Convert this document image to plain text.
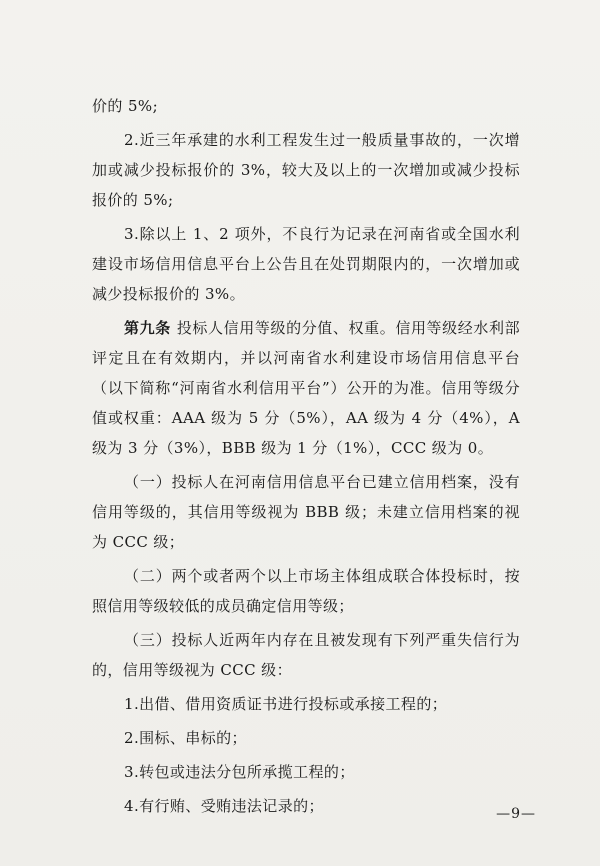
价的 5%;

2.近三年承建的水利工程发生过一般质量事故的，一次增加或减少投标报价的 3%，较大及以上的一次增加或减少投标报价的 5%;

3.除以上 1、2 项外，不良行为记录在河南省或全国水利建设市场信用信息平台上公告且在处罚期限内的，一次增加或减少投标报价的 3%。

第九条 投标人信用等级的分值、权重。信用等级经水利部评定且在有效期内，并以河南省水利建设市场信用信息平台（以下简称“河南省水利信用平台”）公开的为准。信用等级分值或权重：AAA 级为 5 分（5%），AA 级为 4 分（4%），A 级为 3 分（3%），BBB 级为 1 分（1%），CCC 级为 0。

（一）投标人在河南信用信息平台已建立信用档案，没有信用等级的，其信用等级视为 BBB 级；未建立信用档案的视为 CCC 级；

（二）两个或者两个以上市场主体组成联合体投标时，按照信用等级较低的成员确定信用等级；

（三）投标人近两年内存在且被发现有下列严重失信行为的，信用等级视为 CCC 级：

1.出借、借用资质证书进行投标或承接工程的；

2.围标、串标的；

3.转包或违法分包所承揽工程的；

4.有行贿、受贿违法记录的；	—9—
